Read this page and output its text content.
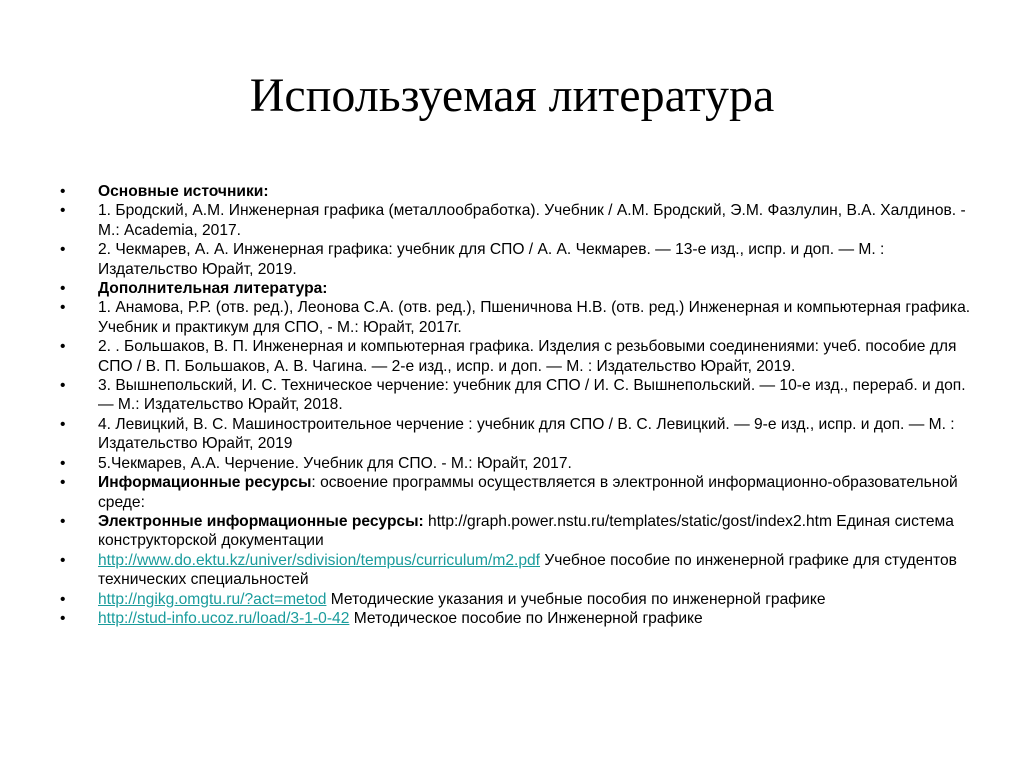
Используемая литература
•	Основные источники:
•	1. Бродский, А.М. Инженерная графика (металлообработка). Учебник / А.М. Бродский, Э.М. Фазлулин, В.А. Халдинов. - М.: Academia, 2017.
•	2. Чекмарев, А. А. Инженерная графика: учебник для СПО / А. А. Чекмарев. — 13-е изд., испр. и доп. — М. : Издательство Юрайт, 2019.
•	Дополнительная литература:
•	1. Анамова, Р.Р. (отв. ред.), Леонова С.А. (отв. ред.), Пшеничнова Н.В. (отв. ред.) Инженерная и компьютерная графика. Учебник и практикум для СПО, - М.: Юрайт, 2017г.
•	2. . Большаков, В. П. Инженерная и компьютерная графика. Изделия с резьбовыми соединениями: учеб. пособие для СПО / В. П. Большаков, А. В. Чагина. — 2-е изд., испр. и доп. — М. : Издательство Юрайт, 2019.
•	3. Вышнепольский, И. С. Техническое черчение: учебник для СПО / И. С. Вышнепольский. — 10-е изд., перераб. и доп. — М.: Издательство Юрайт, 2018.
•	4. Левицкий, В. С. Машиностроительное черчение : учебник для СПО / В. С. Левицкий. — 9-е изд., испр. и доп. — М. : Издательство Юрайт, 2019
•	5.Чекмарев, А.А. Черчение. Учебник для СПО. - М.: Юрайт, 2017.
•	Информационные ресурсы: освоение программы осуществляется в электронной информационно-образовательной среде:
•	Электронные информационные ресурсы: http://graph.power.nstu.ru/templates/static/gost/index2.htm Единая система конструкторской документации
•	http://www.do.ektu.kz/univer/sdivision/tempus/curriculum/m2.pdf Учебное пособие по инженерной графике для студентов технических специальностей
•	http://ngikg.omgtu.ru/?act=metod Методические указания и учебные пособия по инженерной графике
•	http://stud-info.ucoz.ru/load/3-1-0-42 Методическое пособие по Инженерной графике
